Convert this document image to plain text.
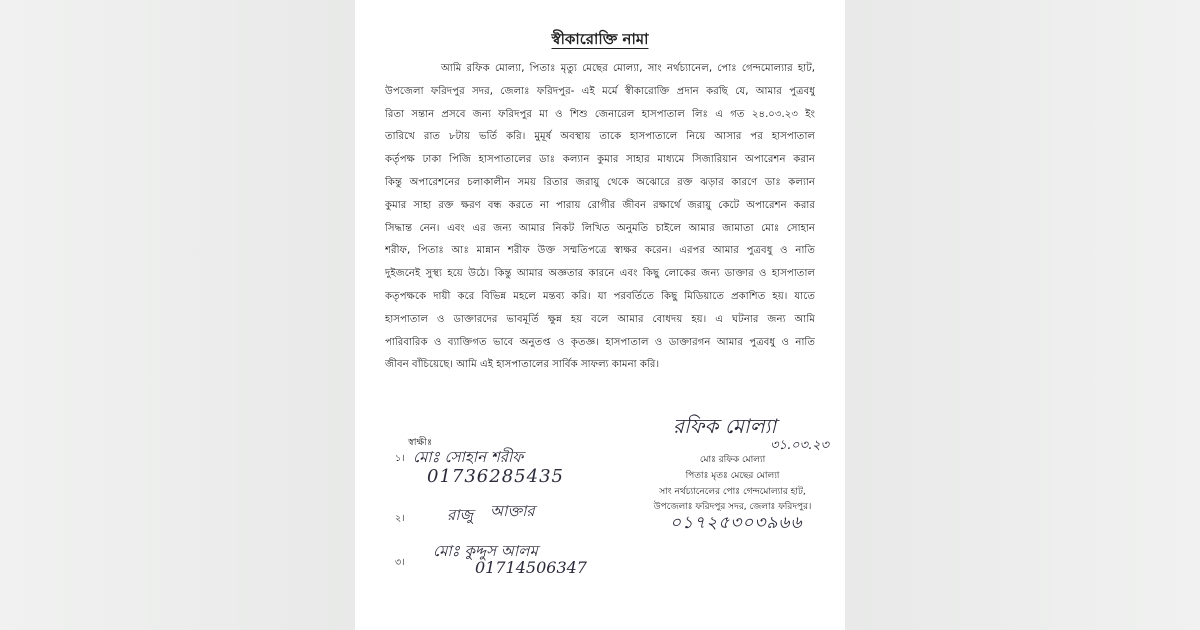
স্বীকারোক্তি নামা
আমি রফিক মোল্যা, পিতাঃ মৃত্যু মেছের মোল্যা, সাং নর্থচ্যানেল, পোঃ গেন্দমোল্যার হাট,
উপজেলা ফরিদপুর সদর, জেলাঃ ফরিদপুর- এই মর্মে স্বীকারোক্তি প্রদান করছি যে, আমার পুত্রবধু
রিতা সন্তান প্রসবে জন্য ফরিদপুর মা ও শিশু জেনারেল হাসপাতাল লিঃ এ গত ২৪.০৩.২৩ ইং
তারিখে রাত ৮টায় ভর্তি করি। মুমূর্ষ অবস্থায় তাকে হাসপাতালে নিয়ে আসার পর হাসপাতাল
কর্তৃপক্ষ ঢাকা পিজি হাসপাতালের ডাঃ কল্যান কুমার সাহার মাধ্যমে সিজারিয়ান অপারেশন করান
কিন্তু অপারেশনের চলাকালীন সময় রিতার জরায়ু থেকে অঝোরে রক্ত ঝড়ার কারণে ডাঃ কল্যান
কুমার সাহা রক্ত ক্ষরণ বন্ধ করতে না পারায় রোগীর জীবন রক্ষার্থে জরায়ু কেটে অপারেশন করার
সিদ্ধান্ত নেন। এবং এর জন্য আমার নিকট লিখিত অনুমতি চাইলে আমার জামাতা মোঃ সোহান
শরীফ, পিতাঃ আঃ মান্নান শরীফ উক্ত সম্মতিপত্রে স্বাক্ষর করেন। এরপর আমার পুত্রবধু ও নাতি
দুইজনেই সুস্থ্য হয়ে উঠে। কিন্তু আমার অজ্ঞতার কারনে এবং কিছু লোকের জন্য ডাক্তার ও হাসপাতাল
কতৃপক্ষকে দায়ী করে বিভিন্ন মহলে মন্তব্য করি। যা পরবর্তিতে কিছু মিডিয়াতে প্রকাশিত হয়। যাতে
হাসপাতাল ও ডাক্তারদের ভাবমূর্তি ক্ষুন্ন হয় বলে আমার বোধদয় হয়। এ ঘটনার জন্য আমি
পারিবারিক ও ব্যাক্তিগত ভাবে অনুতপ্ত ও কৃতজ্ঞ। হাসপাতাল ও ডাক্তারগন আমার পুত্রবধু ও নাতি
জীবন বাঁচিয়েছে। আমি এই হাসপাতালের সার্বিক সাফল্য কামনা করি।
স্বাক্ষীঃ
১। মোঃ সোহান শরীফ
01736285435
২।	রাজু আক্তার
৩।
মোঃ কুদ্দুস আলম
01714506347
রফিক মোল্যা
৩১.০৩.২৩
মোঃ রফিক মোল্যা
পিতাঃ মৃতঃ মেছের মোল্যা
সাং নর্থচ্যানেলের পোঃ গেন্দমোল্যার হাট,
উপজেলাঃ ফরিদপুর সদর, জেলাঃ ফরিদপুর।
০১৭২৫৩০৩৯৬৬
